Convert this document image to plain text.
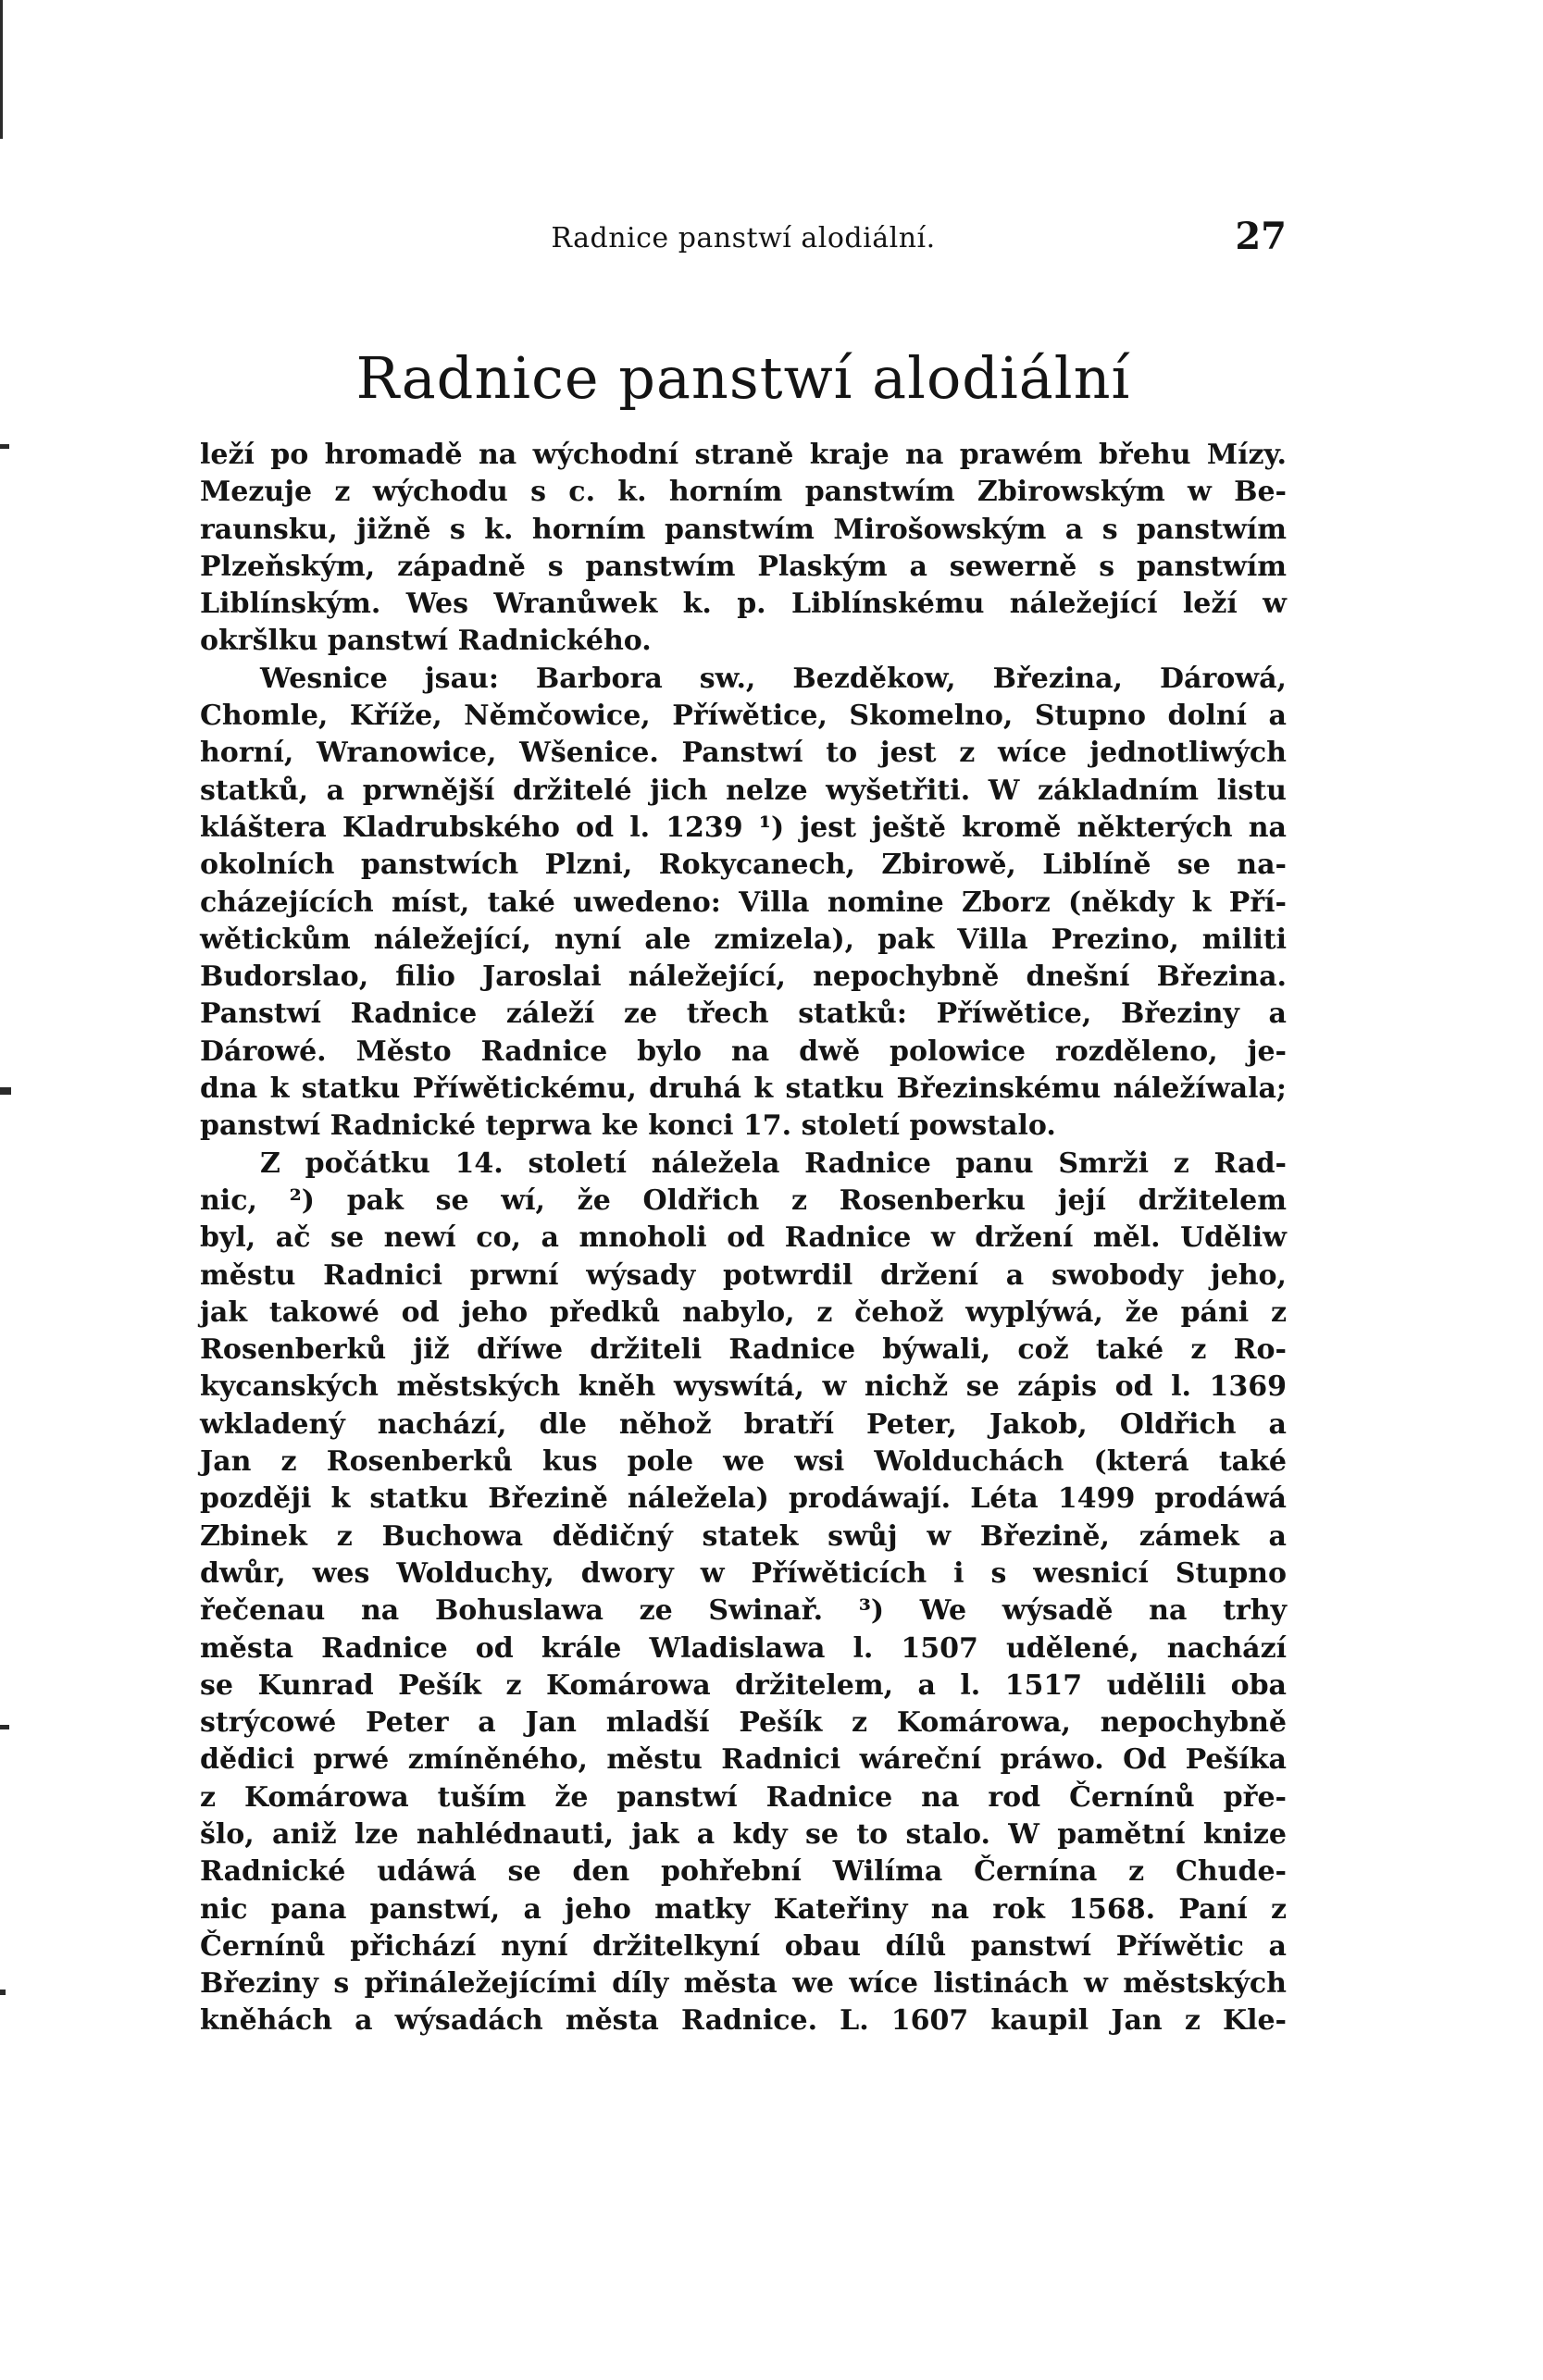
Radnice panstwí alodiální.	27
Radnice panstwí alodiální
leží po hromadě na wýchodní straně kraje na prawém břehu Mízy.
Mezuje z wýchodu s c. k. horním panstwím Zbirowským w Be-
raunsku, jižně s k. horním panstwím Mirošowským a s panstwím
Plzeňským, západně s panstwím Plaským a sewerně s panstwím
Liblínským. Wes Wranůwek k. p. Liblínskému náležející leží w
okršlku panstwí Radnického.
Wesnice jsau: Barbora sw., Bezděkow, Březina, Dárowá,
Chomle, Kříže, Němčowice, Příwětice, Skomelno, Stupno dolní a
horní, Wranowice, Wšenice. Panstwí to jest z wíce jednotliwých
statků, a prwnější držitelé jich nelze wyšetřiti. W základním listu
kláštera Kladrubského od l. 1239 ¹) jest ještě kromě některých na
okolních panstwích Plzni, Rokycanech, Zbirowě, Liblíně se na-
cházejících míst, také uwedeno: Villa nomine Zborz (někdy k Pří-
wětickům náležející, nyní ale zmizela), pak Villa Prezino, militi
Budorslao, filio Jaroslai náležející, nepochybně dnešní Březina.
Panstwí Radnice záleží ze třech statků: Příwětice, Březiny a
Dárowé. Město Radnice bylo na dwě polowice rozděleno, je-
dna k statku Příwětickému, druhá k statku Březinskému náležíwala;
panstwí Radnické teprwa ke konci 17. století powstalo.
Z počátku 14. století náležela Radnice panu Smrži z Rad-
nic, ²) pak se wí, že Oldřich z Rosenberku její držitelem
byl, ač se newí co, a mnoholi od Radnice w držení měl. Uděliw
městu Radnici prwní wýsady potwrdil držení a swobody jeho,
jak takowé od jeho předků nabylo, z čehož wyplýwá, že páni z
Rosenberků již dříwe držiteli Radnice býwali, což také z Ro-
kycanských městských kněh wyswítá, w nichž se zápis od l. 1369
wkladený nachází, dle něhož bratří Peter, Jakob, Oldřich a
Jan z Rosenberků kus pole we wsi Wolduchách (která také
později k statku Březině náležela) prodáwají. Léta 1499 prodáwá
Zbinek z Buchowa dědičný statek swůj w Březině, zámek a
dwůr, wes Wolduchy, dwory w Příwěticích i s wesnicí Stupno
řečenau na Bohuslawa ze Swinař. ³) We wýsadě na trhy
města Radnice od krále Wladislawa l. 1507 udělené, nachází
se Kunrad Pešík z Komárowa držitelem, a l. 1517 udělili oba
strýcowé Peter a Jan mladší Pešík z Komárowa, nepochybně
dědici prwé zmíněného, městu Radnici wáreční práwo. Od Pešíka
z Komárowa tuším že panstwí Radnice na rod Černínů pře-
šlo, aniž lze nahlédnauti, jak a kdy se to stalo. W pamětní knize
Radnické udáwá se den pohřební Wilíma Černína z Chude-
nic pana panstwí, a jeho matky Kateřiny na rok 1568. Paní z
Černínů přichází nyní držitelkyní obau dílů panstwí Příwětic a
Březiny s přináležejícími díly města we wíce listinách w městských
kněhách a wýsadách města Radnice. L. 1607 kaupil Jan z Kle-
